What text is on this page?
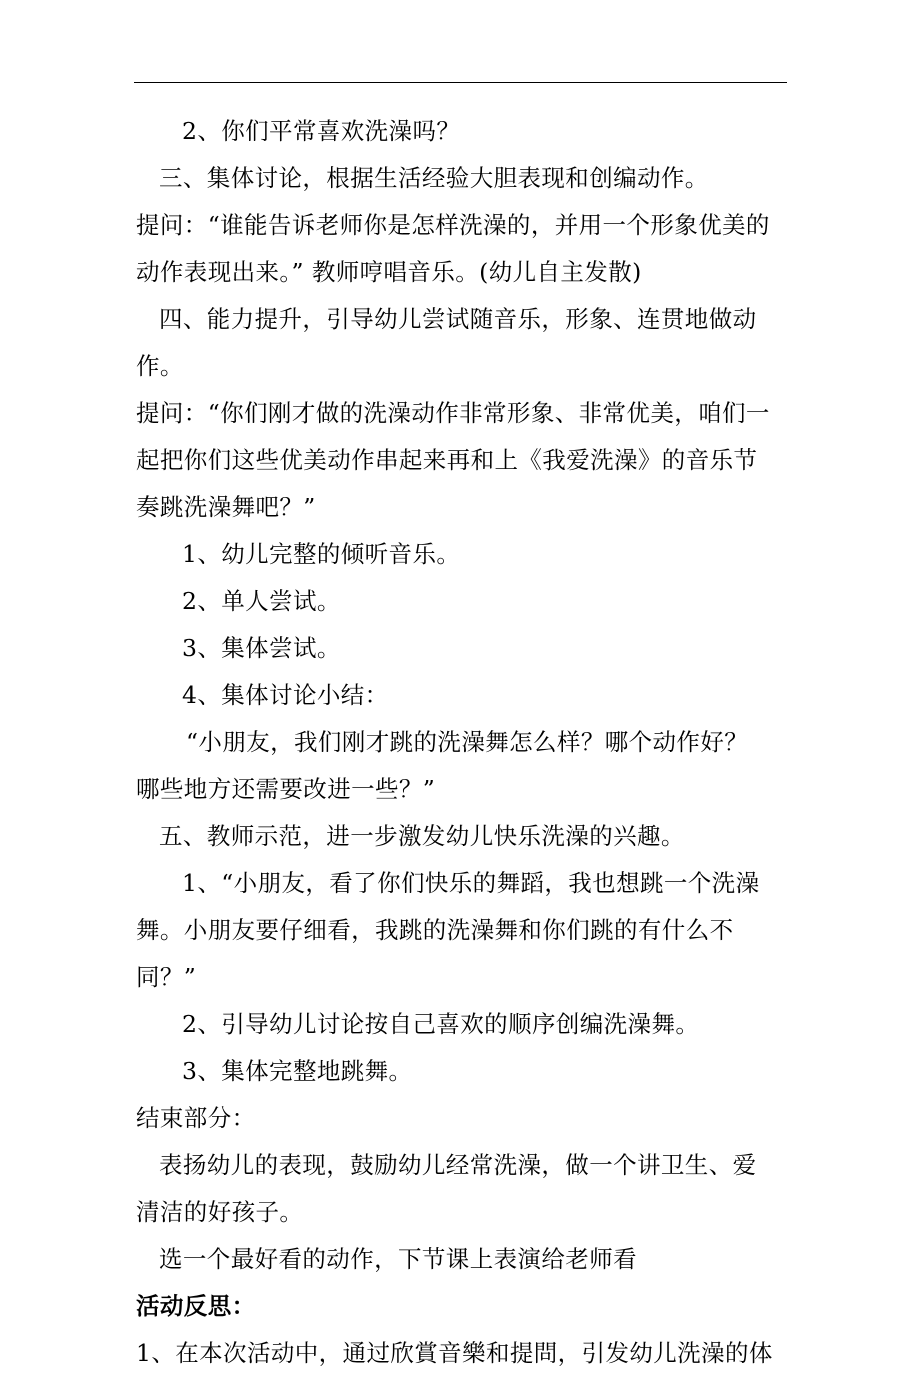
2、你们平常喜欢洗澡吗？
三、集体讨论，根据生活经验大胆表现和创编动作。
提问：“谁能告诉老师你是怎样洗澡的，并用一个形象优美的
动作表现出来。” 教师哼唱音乐。(幼儿自主发散)
四、能力提升，引导幼儿尝试随音乐，形象、连贯地做动
作。
提问：“你们刚才做的洗澡动作非常形象、非常优美，咱们一
起把你们这些优美动作串起来再和上《我爱洗澡》的音乐节
奏跳洗澡舞吧？”
1、幼儿完整的倾听音乐。
2、单人尝试。
3、集体尝试。
4、集体讨论小结：
“小朋友，我们刚才跳的洗澡舞怎么样？哪个动作好？
哪些地方还需要改进一些？”
五、教师示范，进一步激发幼儿快乐洗澡的兴趣。
1、“小朋友，看了你们快乐的舞蹈，我也想跳一个洗澡
舞。小朋友要仔细看，我跳的洗澡舞和你们跳的有什么不
同？”
2、引导幼儿讨论按自己喜欢的顺序创编洗澡舞。
3、集体完整地跳舞。
结束部分：
表扬幼儿的表现，鼓励幼儿经常洗澡，做一个讲卫生、爱
清洁的好孩子。
选一个最好看的动作，下节课上表演给老师看
活动反思：
1、在本次活动中，通过欣賞音樂和提問，引发幼儿洗澡的体
